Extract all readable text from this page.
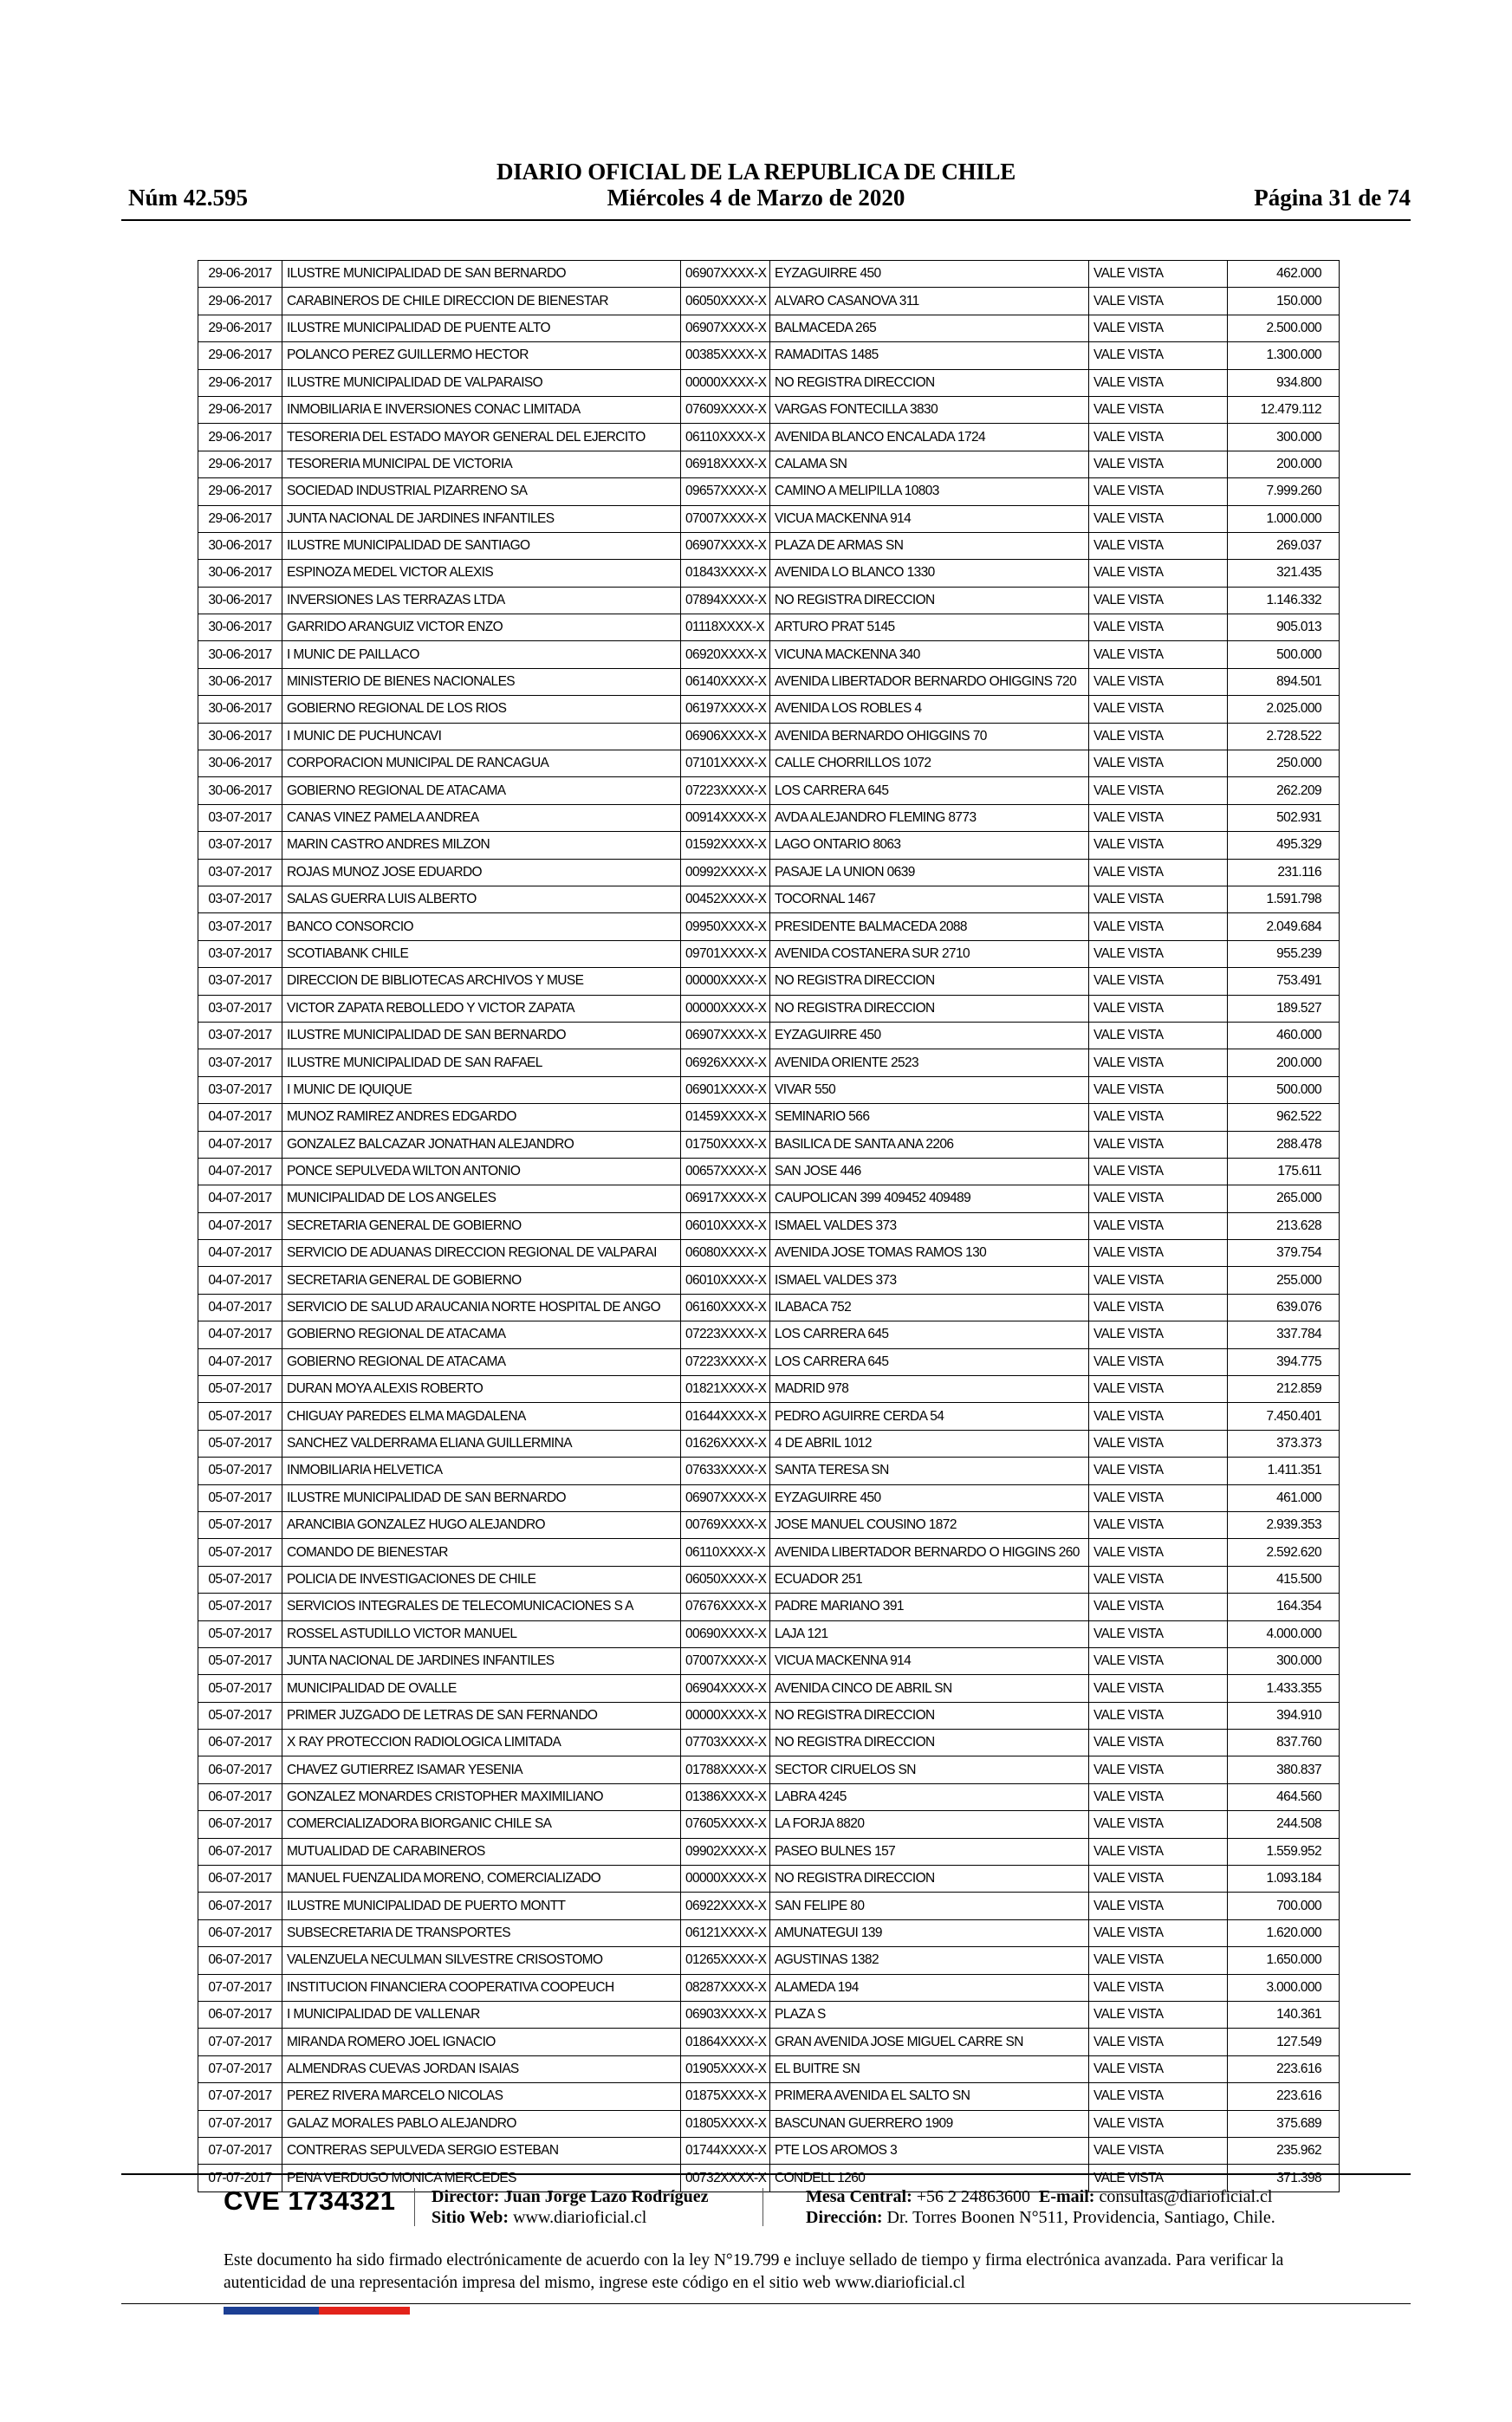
Núm 42.595
DIARIO OFICIAL DE LA REPUBLICA DE CHILE
Miércoles 4 de Marzo de 2020	Página 31 de 74
29-06-2017	ILUSTRE MUNICIPALIDAD DE SAN BERNARDO	06907XXXX-X	EYZAGUIRRE 450	VALE VISTA	462.000
29-06-2017	CARABINEROS DE CHILE DIRECCION DE BIENESTAR	06050XXXX-X	ALVARO CASANOVA 311	VALE VISTA	150.000
29-06-2017	ILUSTRE MUNICIPALIDAD DE PUENTE ALTO	06907XXXX-X	BALMACEDA 265	VALE VISTA	2.500.000
29-06-2017	POLANCO PEREZ GUILLERMO HECTOR	00385XXXX-X	RAMADITAS 1485	VALE VISTA	1.300.000
29-06-2017	ILUSTRE MUNICIPALIDAD DE VALPARAISO	00000XXXX-X	NO REGISTRA DIRECCION	VALE VISTA	934.800
29-06-2017	INMOBILIARIA E INVERSIONES CONAC LIMITADA	07609XXXX-X	VARGAS FONTECILLA 3830	VALE VISTA	12.479.112
29-06-2017	TESORERIA DEL ESTADO MAYOR GENERAL DEL EJERCITO	06110XXXX-X	AVENIDA BLANCO ENCALADA 1724	VALE VISTA	300.000
29-06-2017	TESORERIA MUNICIPAL DE VICTORIA	06918XXXX-X	CALAMA SN	VALE VISTA	200.000
29-06-2017	SOCIEDAD INDUSTRIAL PIZARRENO SA	09657XXXX-X	CAMINO A MELIPILLA 10803	VALE VISTA	7.999.260
29-06-2017	JUNTA NACIONAL DE JARDINES INFANTILES	07007XXXX-X	VICUA MACKENNA 914	VALE VISTA	1.000.000
30-06-2017	ILUSTRE MUNICIPALIDAD DE SANTIAGO	06907XXXX-X	PLAZA DE ARMAS SN	VALE VISTA	269.037
30-06-2017	ESPINOZA MEDEL VICTOR ALEXIS	01843XXXX-X	AVENIDA LO BLANCO 1330	VALE VISTA	321.435
30-06-2017	INVERSIONES LAS TERRAZAS LTDA	07894XXXX-X	NO REGISTRA DIRECCION	VALE VISTA	1.146.332
30-06-2017	GARRIDO ARANGUIZ VICTOR ENZO	01118XXXX-X	ARTURO PRAT 5145	VALE VISTA	905.013
30-06-2017	I MUNIC DE PAILLACO	06920XXXX-X	VICUNA MACKENNA 340	VALE VISTA	500.000
30-06-2017	MINISTERIO DE BIENES NACIONALES	06140XXXX-X	AVENIDA LIBERTADOR BERNARDO OHIGGINS 720	VALE VISTA	894.501
30-06-2017	GOBIERNO REGIONAL DE LOS RIOS	06197XXXX-X	AVENIDA LOS ROBLES 4	VALE VISTA	2.025.000
30-06-2017	I MUNIC DE PUCHUNCAVI	06906XXXX-X	AVENIDA BERNARDO OHIGGINS 70	VALE VISTA	2.728.522
30-06-2017	CORPORACION MUNICIPAL DE RANCAGUA	07101XXXX-X	CALLE CHORRILLOS 1072	VALE VISTA	250.000
30-06-2017	GOBIERNO REGIONAL DE ATACAMA	07223XXXX-X	LOS CARRERA 645	VALE VISTA	262.209
03-07-2017	CANAS VINEZ PAMELA ANDREA	00914XXXX-X	AVDA ALEJANDRO FLEMING 8773	VALE VISTA	502.931
03-07-2017	MARIN CASTRO ANDRES MILZON	01592XXXX-X	LAGO ONTARIO 8063	VALE VISTA	495.329
03-07-2017	ROJAS MUNOZ JOSE EDUARDO	00992XXXX-X	PASAJE LA UNION 0639	VALE VISTA	231.116
03-07-2017	SALAS GUERRA LUIS ALBERTO	00452XXXX-X	TOCORNAL 1467	VALE VISTA	1.591.798
03-07-2017	BANCO CONSORCIO	09950XXXX-X	PRESIDENTE BALMACEDA 2088	VALE VISTA	2.049.684
03-07-2017	SCOTIABANK CHILE	09701XXXX-X	AVENIDA COSTANERA SUR 2710	VALE VISTA	955.239
03-07-2017	DIRECCION DE BIBLIOTECAS ARCHIVOS Y MUSE	00000XXXX-X	NO REGISTRA DIRECCION	VALE VISTA	753.491
03-07-2017	VICTOR ZAPATA REBOLLEDO Y VICTOR ZAPATA	00000XXXX-X	NO REGISTRA DIRECCION	VALE VISTA	189.527
03-07-2017	ILUSTRE MUNICIPALIDAD DE SAN BERNARDO	06907XXXX-X	EYZAGUIRRE 450	VALE VISTA	460.000
03-07-2017	ILUSTRE MUNICIPALIDAD DE SAN RAFAEL	06926XXXX-X	AVENIDA ORIENTE 2523	VALE VISTA	200.000
03-07-2017	I MUNIC DE IQUIQUE	06901XXXX-X	VIVAR 550	VALE VISTA	500.000
04-07-2017	MUNOZ RAMIREZ ANDRES EDGARDO	01459XXXX-X	SEMINARIO 566	VALE VISTA	962.522
04-07-2017	GONZALEZ BALCAZAR JONATHAN ALEJANDRO	01750XXXX-X	BASILICA DE SANTA ANA 2206	VALE VISTA	288.478
04-07-2017	PONCE SEPULVEDA WILTON ANTONIO	00657XXXX-X	SAN JOSE 446	VALE VISTA	175.611
04-07-2017	MUNICIPALIDAD DE LOS ANGELES	06917XXXX-X	CAUPOLICAN 399 409452 409489	VALE VISTA	265.000
04-07-2017	SECRETARIA GENERAL DE GOBIERNO	06010XXXX-X	ISMAEL VALDES 373	VALE VISTA	213.628
04-07-2017	SERVICIO DE ADUANAS DIRECCION REGIONAL DE VALPARAI	06080XXXX-X	AVENIDA JOSE TOMAS RAMOS 130	VALE VISTA	379.754
04-07-2017	SECRETARIA GENERAL DE GOBIERNO	06010XXXX-X	ISMAEL VALDES 373	VALE VISTA	255.000
04-07-2017	SERVICIO DE SALUD ARAUCANIA NORTE HOSPITAL DE ANGO	06160XXXX-X	ILABACA 752	VALE VISTA	639.076
04-07-2017	GOBIERNO REGIONAL DE ATACAMA	07223XXXX-X	LOS CARRERA 645	VALE VISTA	337.784
04-07-2017	GOBIERNO REGIONAL DE ATACAMA	07223XXXX-X	LOS CARRERA 645	VALE VISTA	394.775
05-07-2017	DURAN MOYA ALEXIS ROBERTO	01821XXXX-X	MADRID 978	VALE VISTA	212.859
05-07-2017	CHIGUAY PAREDES ELMA MAGDALENA	01644XXXX-X	PEDRO AGUIRRE CERDA 54	VALE VISTA	7.450.401
05-07-2017	SANCHEZ VALDERRAMA ELIANA GUILLERMINA	01626XXXX-X	4 DE ABRIL 1012	VALE VISTA	373.373
05-07-2017	INMOBILIARIA HELVETICA	07633XXXX-X	SANTA TERESA SN	VALE VISTA	1.411.351
05-07-2017	ILUSTRE MUNICIPALIDAD DE SAN BERNARDO	06907XXXX-X	EYZAGUIRRE 450	VALE VISTA	461.000
05-07-2017	ARANCIBIA GONZALEZ HUGO ALEJANDRO	00769XXXX-X	JOSE MANUEL COUSINO 1872	VALE VISTA	2.939.353
05-07-2017	COMANDO DE BIENESTAR	06110XXXX-X	AVENIDA LIBERTADOR BERNARDO O HIGGINS 260	VALE VISTA	2.592.620
05-07-2017	POLICIA DE INVESTIGACIONES DE CHILE	06050XXXX-X	ECUADOR 251	VALE VISTA	415.500
05-07-2017	SERVICIOS INTEGRALES DE TELECOMUNICACIONES S A	07676XXXX-X	PADRE MARIANO 391	VALE VISTA	164.354
05-07-2017	ROSSEL ASTUDILLO VICTOR MANUEL	00690XXXX-X	LAJA 121	VALE VISTA	4.000.000
05-07-2017	JUNTA NACIONAL DE JARDINES INFANTILES	07007XXXX-X	VICUA MACKENNA 914	VALE VISTA	300.000
05-07-2017	MUNICIPALIDAD DE OVALLE	06904XXXX-X	AVENIDA CINCO DE ABRIL SN	VALE VISTA	1.433.355
05-07-2017	PRIMER JUZGADO DE LETRAS DE SAN FERNANDO	00000XXXX-X	NO REGISTRA DIRECCION	VALE VISTA	394.910
06-07-2017	X RAY PROTECCION RADIOLOGICA LIMITADA	07703XXXX-X	NO REGISTRA DIRECCION	VALE VISTA	837.760
06-07-2017	CHAVEZ GUTIERREZ ISAMAR YESENIA	01788XXXX-X	SECTOR CIRUELOS SN	VALE VISTA	380.837
06-07-2017	GONZALEZ MONARDES CRISTOPHER MAXIMILIANO	01386XXXX-X	LABRA 4245	VALE VISTA	464.560
06-07-2017	COMERCIALIZADORA BIORGANIC CHILE SA	07605XXXX-X	LA FORJA 8820	VALE VISTA	244.508
06-07-2017	MUTUALIDAD DE CARABINEROS	09902XXXX-X	PASEO BULNES 157	VALE VISTA	1.559.952
06-07-2017	MANUEL FUENZALIDA MORENO, COMERCIALIZADO	00000XXXX-X	NO REGISTRA DIRECCION	VALE VISTA	1.093.184
06-07-2017	ILUSTRE MUNICIPALIDAD DE PUERTO MONTT	06922XXXX-X	SAN FELIPE 80	VALE VISTA	700.000
06-07-2017	SUBSECRETARIA DE TRANSPORTES	06121XXXX-X	AMUNATEGUI 139	VALE VISTA	1.620.000
06-07-2017	VALENZUELA NECULMAN SILVESTRE CRISOSTOMO	01265XXXX-X	AGUSTINAS 1382	VALE VISTA	1.650.000
07-07-2017	INSTITUCION FINANCIERA COOPERATIVA COOPEUCH	08287XXXX-X	ALAMEDA 194	VALE VISTA	3.000.000
06-07-2017	I MUNICIPALIDAD DE VALLENAR	06903XXXX-X	PLAZA S	VALE VISTA	140.361
07-07-2017	MIRANDA ROMERO JOEL IGNACIO	01864XXXX-X	GRAN AVENIDA JOSE MIGUEL CARRE SN	VALE VISTA	127.549
07-07-2017	ALMENDRAS CUEVAS JORDAN ISAIAS	01905XXXX-X	EL BUITRE SN	VALE VISTA	223.616
07-07-2017	PEREZ RIVERA MARCELO NICOLAS	01875XXXX-X	PRIMERA AVENIDA EL SALTO SN	VALE VISTA	223.616
07-07-2017	GALAZ MORALES PABLO ALEJANDRO	01805XXXX-X	BASCUNAN GUERRERO 1909	VALE VISTA	375.689
07-07-2017	CONTRERAS SEPULVEDA SERGIO ESTEBAN	01744XXXX-X	PTE LOS AROMOS 3	VALE VISTA	235.962
07-07-2017	PENA VERDUGO MONICA MERCEDES	00732XXXX-X	CONDELL 1260	VALE VISTA	371.398
CVE 1734321 Director: Juan Jorge Lazo Rodríguez
Sitio Web: www.diarioficial.cl
Mesa Central: +56 2 24863600 E-mail: consultas@diarioficial.cl
Dirección: Dr. Torres Boonen N°511, Providencia, Santiago, Chile.
Este documento ha sido firmado electrónicamente de acuerdo con la ley N°19.799 e incluye sellado de tiempo y firma electrónica avanzada. Para verificar la autenticidad de una representación impresa del mismo, ingrese este código en el sitio web www.diarioficial.cl
